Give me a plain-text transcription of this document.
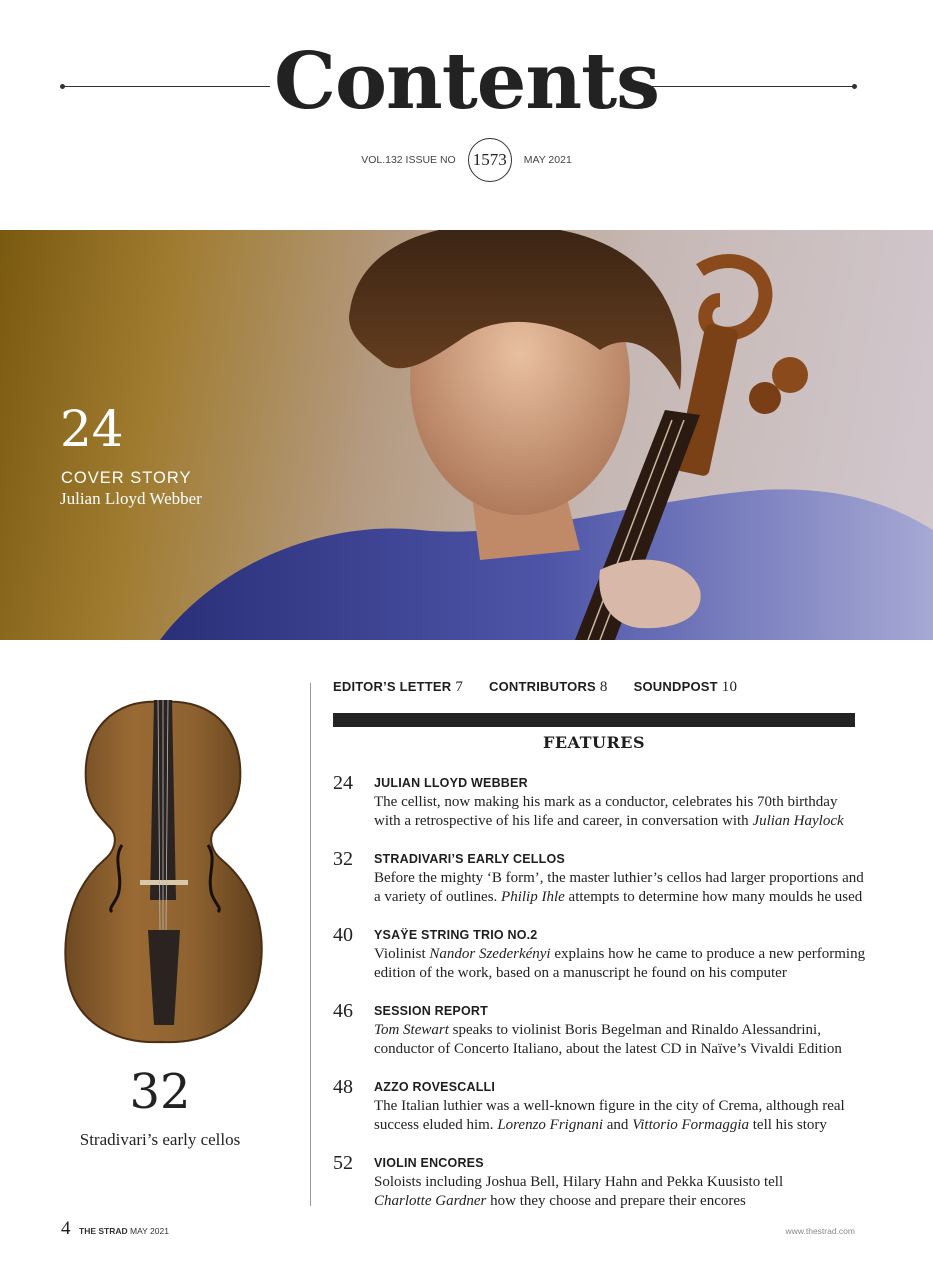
Contents
VOL.132 ISSUE NO 1573	MAY 2021
24
COVER STORY
Julian Lloyd Webber
32
Stradivari’s early cellos
EDITOR’S LETTER 7 CONTRIBUTORS 8 SOUNDPOST 10
FEATURES
24 JULIAN LLOYD WEBBER
The cellist, now making his mark as a conductor, celebrates his 70th birthday
with a retrospective of his life and career, in conversation with Julian Haylock
32 STRADIVARI’S EARLY CELLOS
Before the mighty ‘B form’, the master luthier’s cellos had larger proportions and
a variety of outlines. Philip Ihle attempts to determine how many moulds he used
40 YSAŸE STRING TRIO NO.2
Violinist Nandor Szederkényi explains how he came to produce a new performing
edition of the work, based on a manuscript he found on his computer
46 SESSION REPORT
Tom Stewart speaks to violinist Boris Begelman and Rinaldo Alessandrini,
conductor of Concerto Italiano, about the latest CD in Naïve’s Vivaldi Edition
48 AZZO ROVESCALLI
The Italian luthier was a well-known figure in the city of Crema, although real
success eluded him. Lorenzo Frignani and Vittorio Formaggia tell his story
52 VIOLIN ENCORES
Soloists including Joshua Bell, Hilary Hahn and Pekka Kuusisto tell
Charlotte Gardner how they choose and prepare their encores
4 THE STRAD MAY 2021	www.thestrad.com
